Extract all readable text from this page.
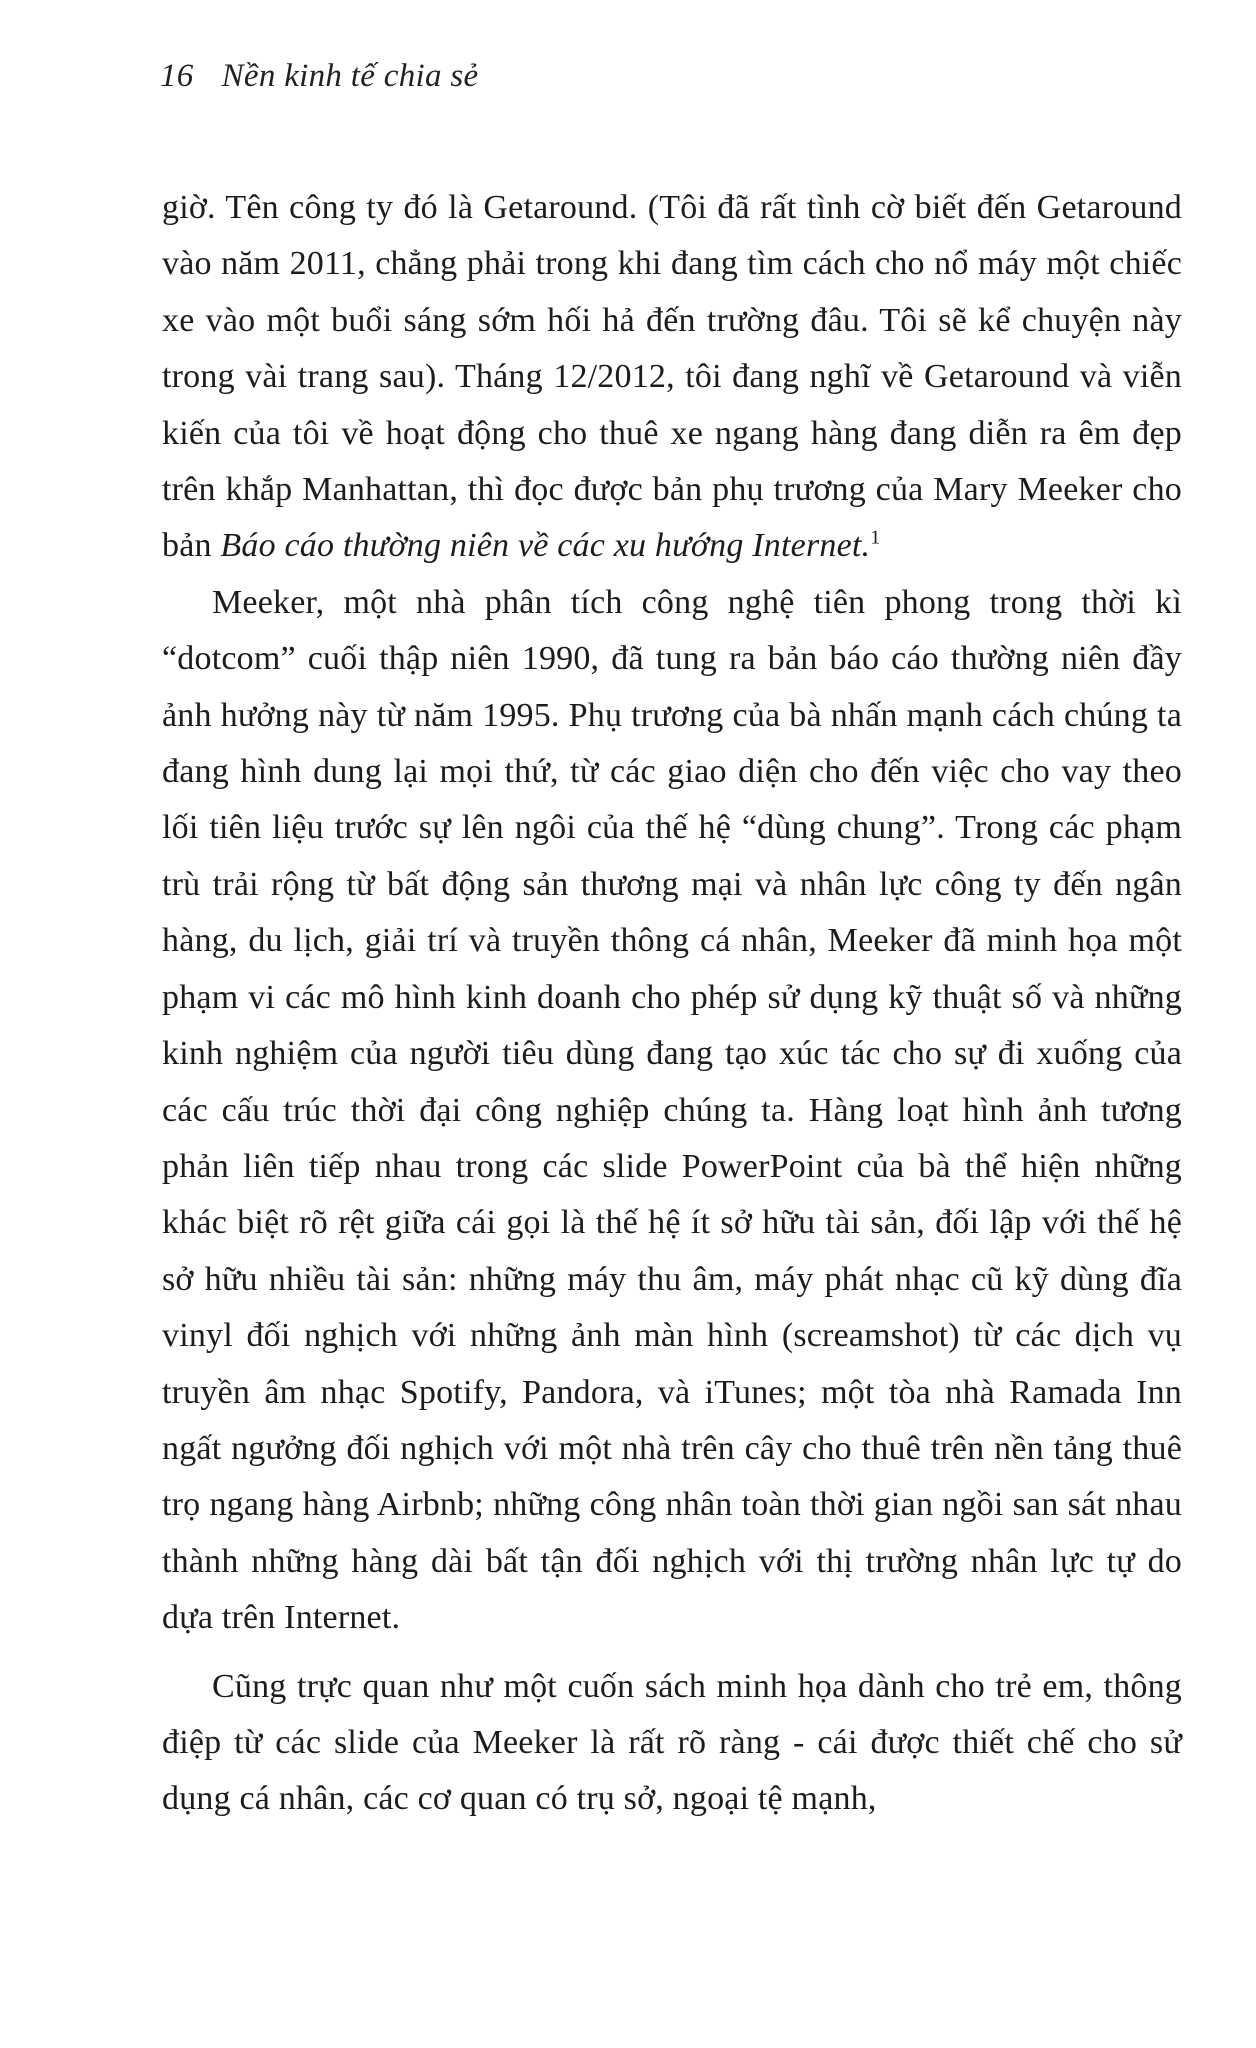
16 Nền kinh tế chia sẻ

giờ. Tên công ty đó là Getaround. (Tôi đã rất tình cờ biết đến Getaround vào năm 2011, chẳng phải trong khi đang tìm cách cho nổ máy một chiếc xe vào một buổi sáng sớm hối hả đến trường đâu. Tôi sẽ kể chuyện này trong vài trang sau). Tháng 12/2012, tôi đang nghĩ về Getaround và viễn kiến của tôi về hoạt động cho thuê xe ngang hàng đang diễn ra êm đẹp trên khắp Manhattan, thì đọc được bản phụ trương của Mary Meeker cho bản Báo cáo thường niên về các xu hướng Internet.$^1$

Meeker, một nhà phân tích công nghệ tiên phong trong thời kì “dotcom” cuối thập niên 1990, đã tung ra bản báo cáo thường niên đầy ảnh hưởng này từ năm 1995. Phụ trương của bà nhấn mạnh cách chúng ta đang hình dung lại mọi thứ, từ các giao diện cho đến việc cho vay theo lối tiên liệu trước sự lên ngôi của thế hệ “dùng chung”. Trong các phạm trù trải rộng từ bất động sản thương mại và nhân lực công ty đến ngân hàng, du lịch, giải trí và truyền thông cá nhân, Meeker đã minh họa một phạm vi các mô hình kinh doanh cho phép sử dụng kỹ thuật số và những kinh nghiệm của người tiêu dùng đang tạo xúc tác cho sự đi xuống của các cấu trúc thời đại công nghiệp chúng ta. Hàng loạt hình ảnh tương phản liên tiếp nhau trong các slide PowerPoint của bà thể hiện những khác biệt rõ rệt giữa cái gọi là thế hệ ít sở hữu tài sản, đối lập với thế hệ sở hữu nhiều tài sản: những máy thu âm, máy phát nhạc cũ kỹ dùng đĩa vinyl đối nghịch với những ảnh màn hình (screamshot) từ các dịch vụ truyền âm nhạc Spotify, Pandora, và iTunes; một tòa nhà Ramada Inn ngất ngưởng đối nghịch với một nhà trên cây cho thuê trên nền tảng thuê trọ ngang hàng Airbnb; những công nhân toàn thời gian ngồi san sát nhau thành những hàng dài bất tận đối nghịch với thị trường nhân lực tự do dựa trên Internet.

Cũng trực quan như một cuốn sách minh họa dành cho trẻ em, thông điệp từ các slide của Meeker là rất rõ ràng - cái được thiết chế cho sử dụng cá nhân, các cơ quan có trụ sở, ngoại tệ mạnh,
